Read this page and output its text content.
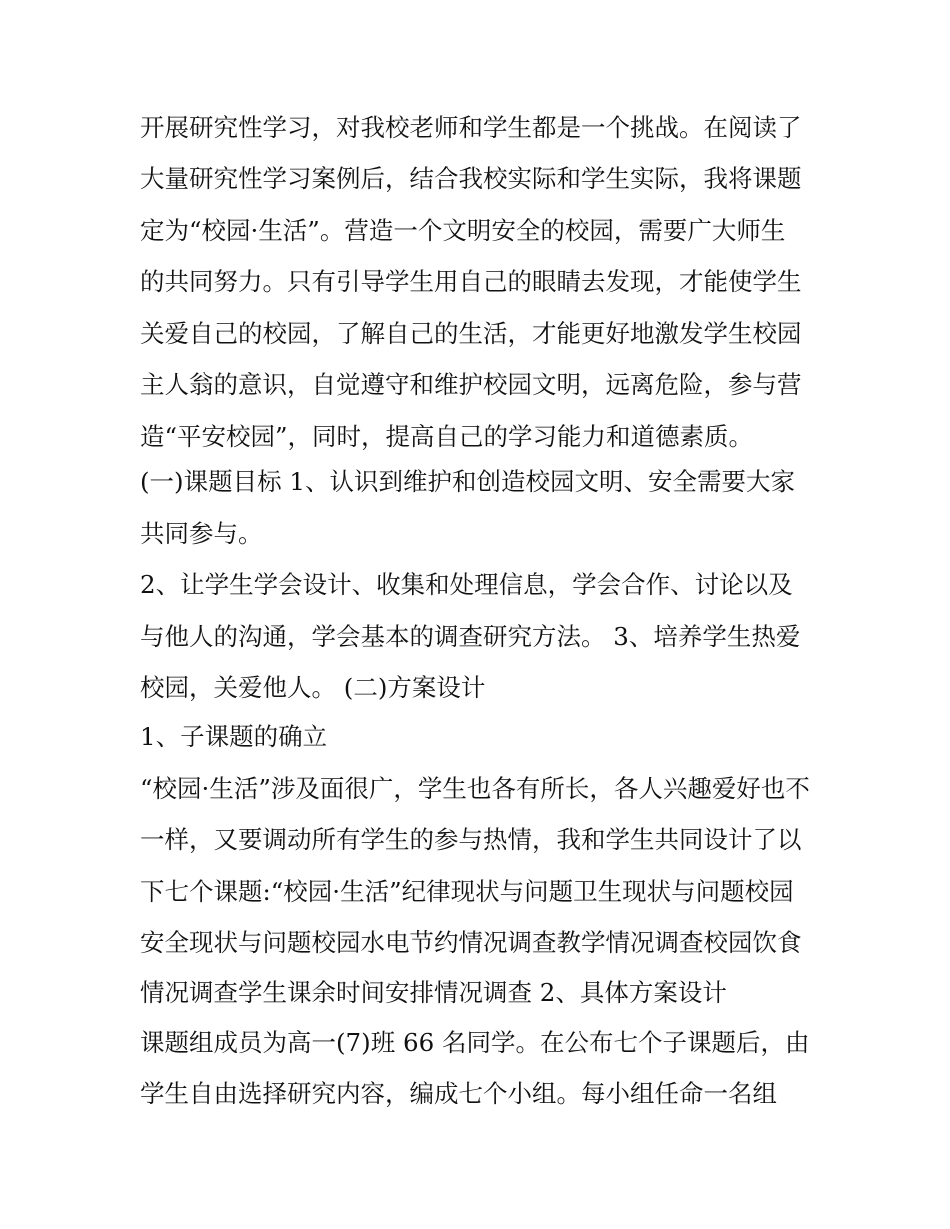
开展研究性学习，对我校老师和学生都是一个挑战。在阅读了
大量研究性学习案例后，结合我校实际和学生实际，我将课题
定为“校园·生活”。营造一个文明安全的校园，需要广大师生
的共同努力。只有引导学生用自己的眼睛去发现，才能使学生
关爱自己的校园，了解自己的生活，才能更好地激发学生校园
主人翁的意识，自觉遵守和维护校园文明，远离危险，参与营
造“平安校园”，同时，提高自己的学习能力和道德素质。
(一)课题目标 1、认识到维护和创造校园文明、安全需要大家
共同参与。
2、让学生学会设计、收集和处理信息，学会合作、讨论以及
与他人的沟通，学会基本的调查研究方法。 3、培养学生热爱
校园，关爱他人。 (二)方案设计
1、子课题的确立
“校园·生活”涉及面很广，学生也各有所长，各人兴趣爱好也不
一样，又要调动所有学生的参与热情，我和学生共同设计了以
下七个课题:“校园·生活”纪律现状与问题卫生现状与问题校园
安全现状与问题校园水电节约情况调查教学情况调查校园饮食
情况调查学生课余时间安排情况调查 2、具体方案设计
课题组成员为高一(7)班 66 名同学。在公布七个子课题后，由
学生自由选择研究内容，编成七个小组。每小组任命一名组
